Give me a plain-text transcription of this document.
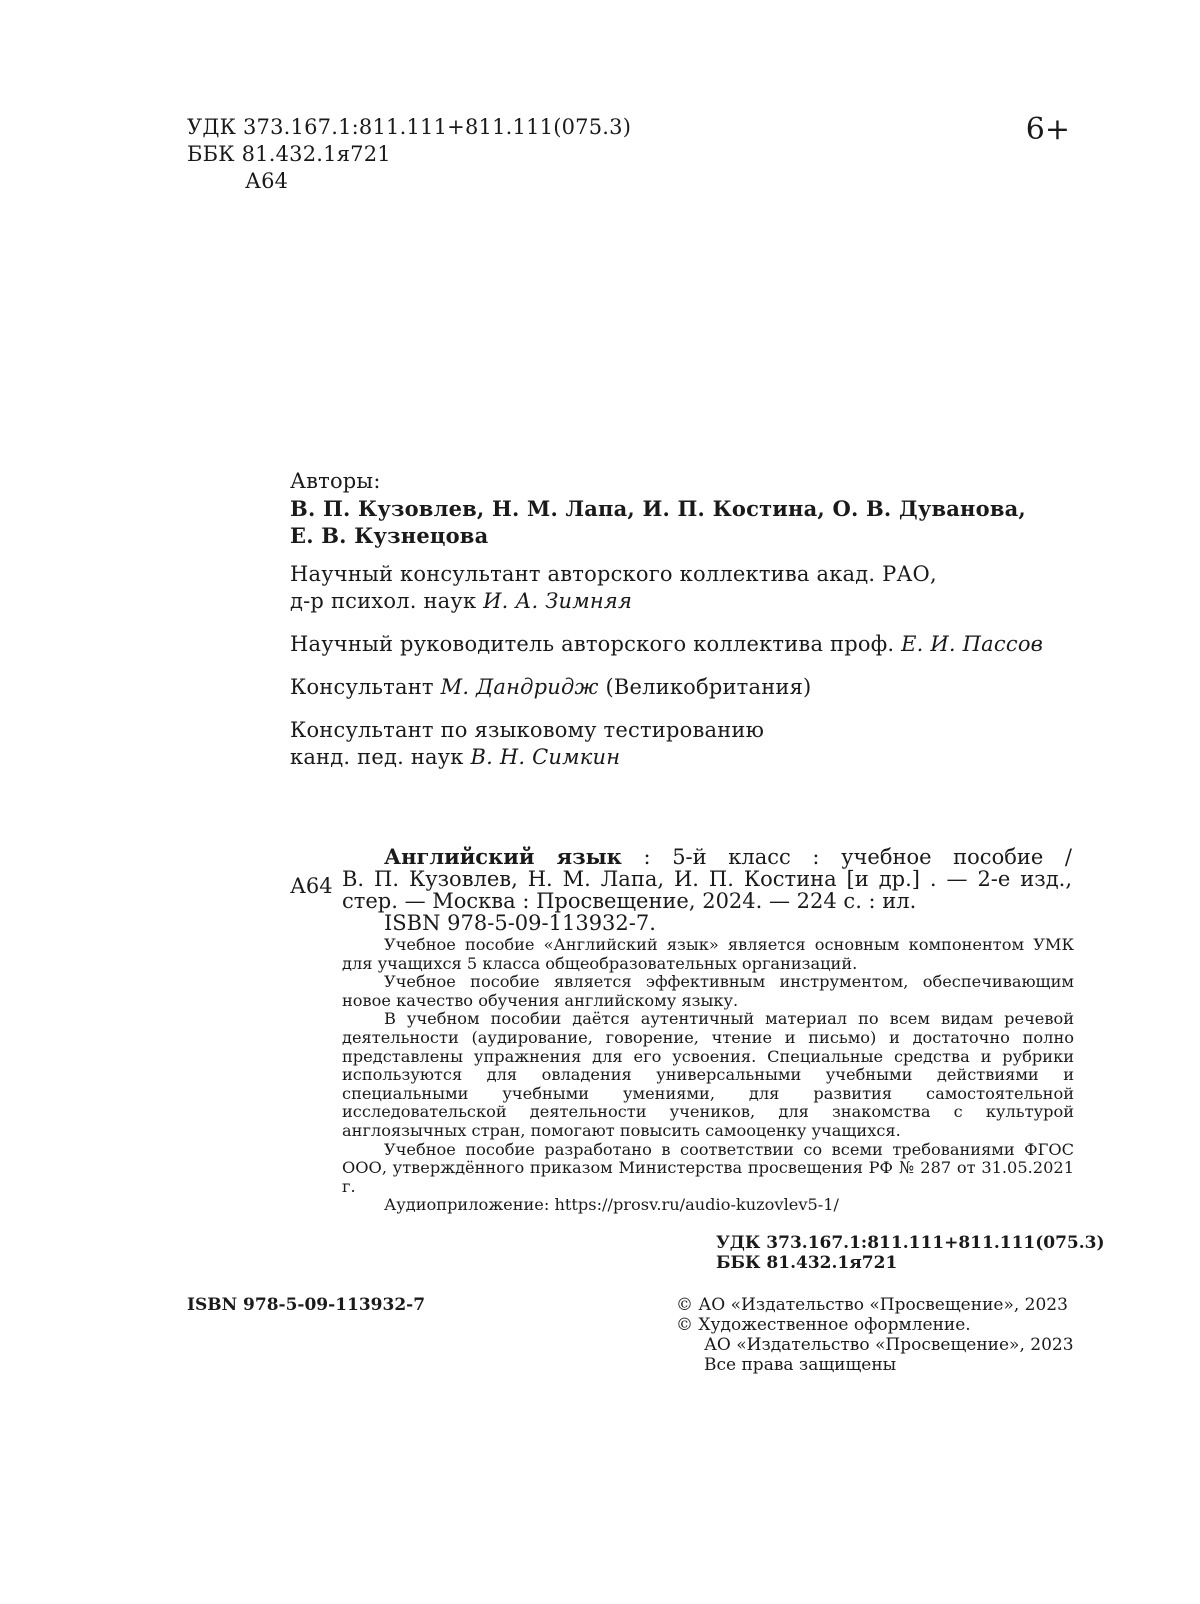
УДК 373.167.1:811.111+811.111(075.3)
ББК 81.432.1я721
А64
6+
Авторы:
В. П. Кузовлев, Н. М. Лапа, И. П. Костина, О. В. Дуванова,
Е. В. Кузнецова
Научный консультант авторского коллектива акад. РАО,
д-р психол. наук И. А. Зимняя
Научный руководитель авторского коллектива проф. Е. И. Пассов
Консультант М. Дандридж (Великобритания)
Консультант по языковому тестированию
канд. пед. наук В. Н. Симкин
А64
Английский язык : 5-й класс : учебное пособие /
В. П. Кузовлев, Н. М. Лапа, И. П. Костина [и др.] . — 2-е изд.,
стер. — Москва : Просвещение, 2024. — 224 с. : ил.
ISBN 978-5-09-113932-7.

Учебное пособие «Английский язык» является основным компонентом УМК для учащихся 5 класса общеобразовательных организаций.

Учебное пособие является эффективным инструментом, обеспечивающим новое качество обучения английскому языку.

В учебном пособии даётся аутентичный материал по всем видам речевой деятельности (аудирование, говорение, чтение и письмо) и достаточно полно представлены упражнения для его усвоения. Специальные средства и рубрики используются для овладения универсальными учебными действиями и специальными учебными умениями, для развития самостоятельной исследовательской деятельности учеников, для знакомства с культурой англоязычных стран, помогают повысить самооценку учащихся.

Учебное пособие разработано в соответствии со всеми требованиями ФГОС ООО, утверждённого приказом Министерства просвещения РФ № 287 от 31.05.2021 г.

Аудиоприложение: https://prosv.ru/audio-kuzovlev5-1/

УДК 373.167.1:811.111+811.111(075.3)
ББК 81.432.1я721
ISBN 978-5-09-113932-7	© АО «Издательство «Просвещение», 2023
© Художественное оформление.
АО «Издательство «Просвещение», 2023
Все права защищены
